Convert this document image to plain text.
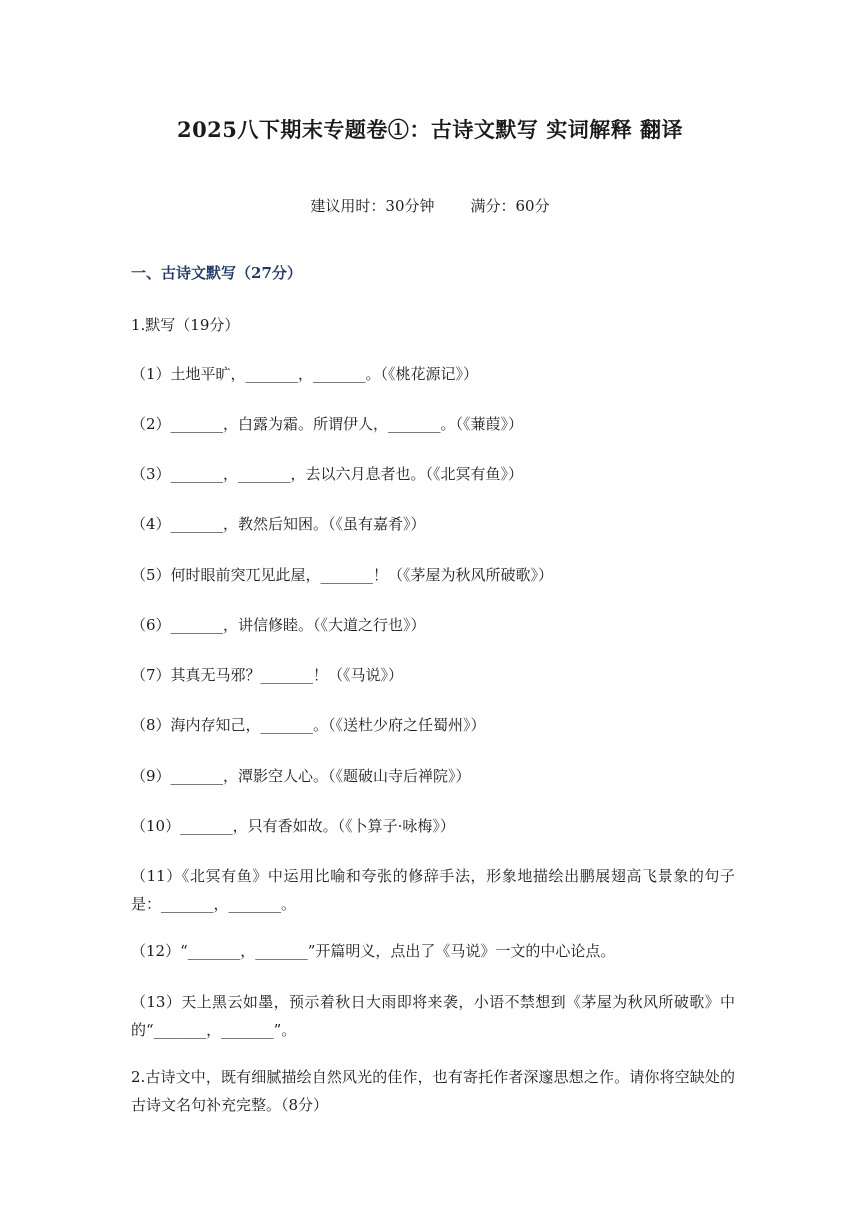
2025八下期末专题卷①：古诗文默写 实词解释 翻译
建议用时：30分钟 满分：60分
一、古诗文默写（27分）
1.默写（19分）
（1）土地平旷，_______，_______。（《桃花源记》）
（2）_______，白露为霜。所谓伊人，_______。（《蒹葭》）
（3）_______，_______，去以六月息者也。（《北冥有鱼》）
（4）_______，教然后知困。（《虽有嘉肴》）
（5）何时眼前突兀见此屋，_______！（《茅屋为秋风所破歌》）
（6）_______，讲信修睦。（《大道之行也》）
（7）其真无马邪？_______！（《马说》）
（8）海内存知己，_______。（《送杜少府之任蜀州》）
（9）_______，潭影空人心。（《题破山寺后禅院》）
（10）_______，只有香如故。（《卜算子·咏梅》）
（11）《北冥有鱼》中运用比喻和夸张的修辞手法，形象地描绘出鹏展翅高飞景象的句子是：_______，_______。
（12）“_______，_______”开篇明义，点出了《马说》一文的中心论点。
（13）天上黑云如墨，预示着秋日大雨即将来袭，小语不禁想到《茅屋为秋风所破歌》中的“_______，_______”。
2.古诗文中，既有细腻描绘自然风光的佳作，也有寄托作者深邃思想之作。请你将空缺处的古诗文名句补充完整。（8分）
